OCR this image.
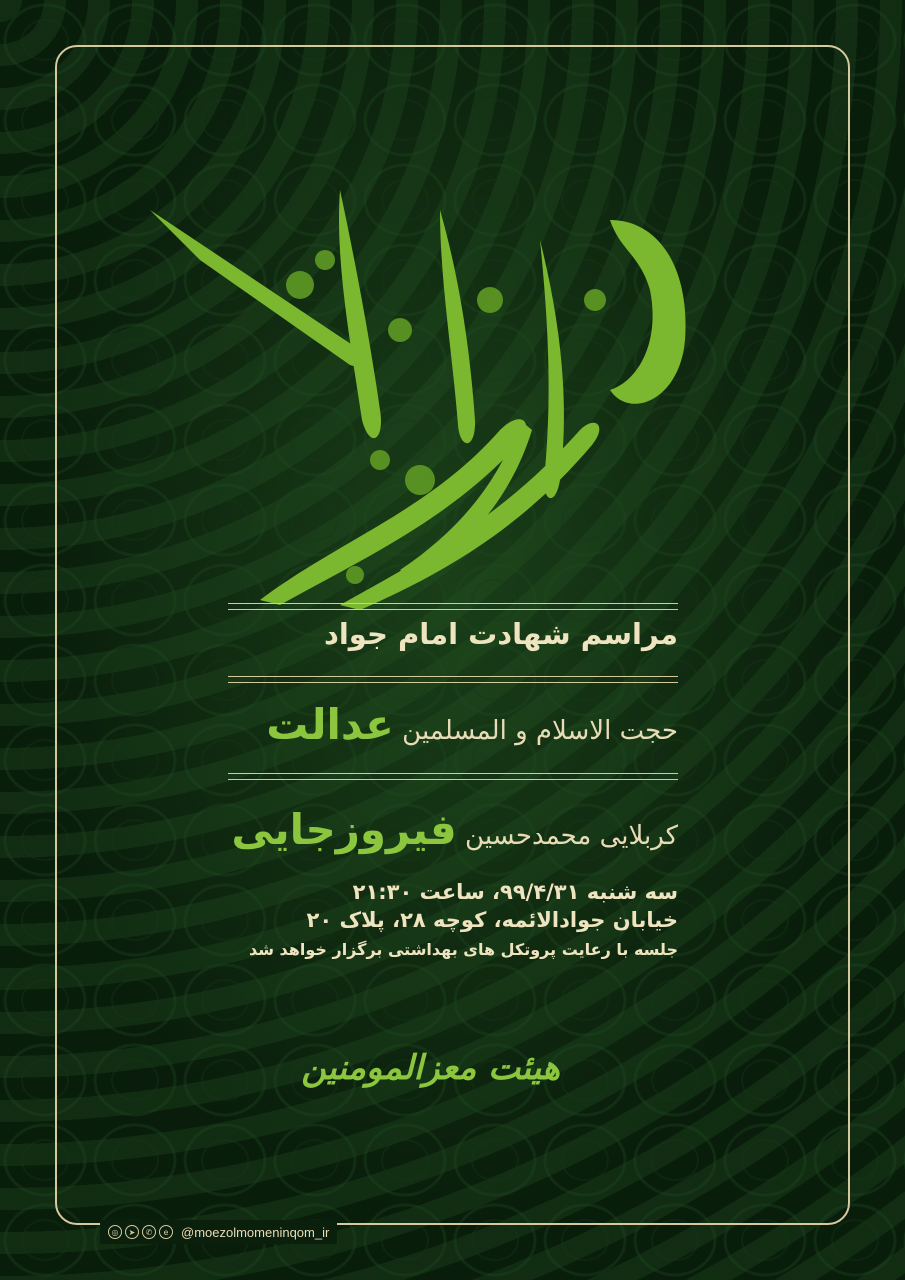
مراسم شهادت امام جواد
حجت الاسلام و المسلمین عدالت
کربلایی محمدحسین فیروزجایی
سه شنبه ۹۹/۴/۳۱، ساعت ۲۱:۳۰
خیابان جوادالائمه، کوچه ۲۸، پلاک ۲۰
جلسه با رعایت پروتکل های بهداشتی برگزار خواهد شد
هیئت معزالمومنین
◎	➤	✆	e @moezolmomeninqom_ir
